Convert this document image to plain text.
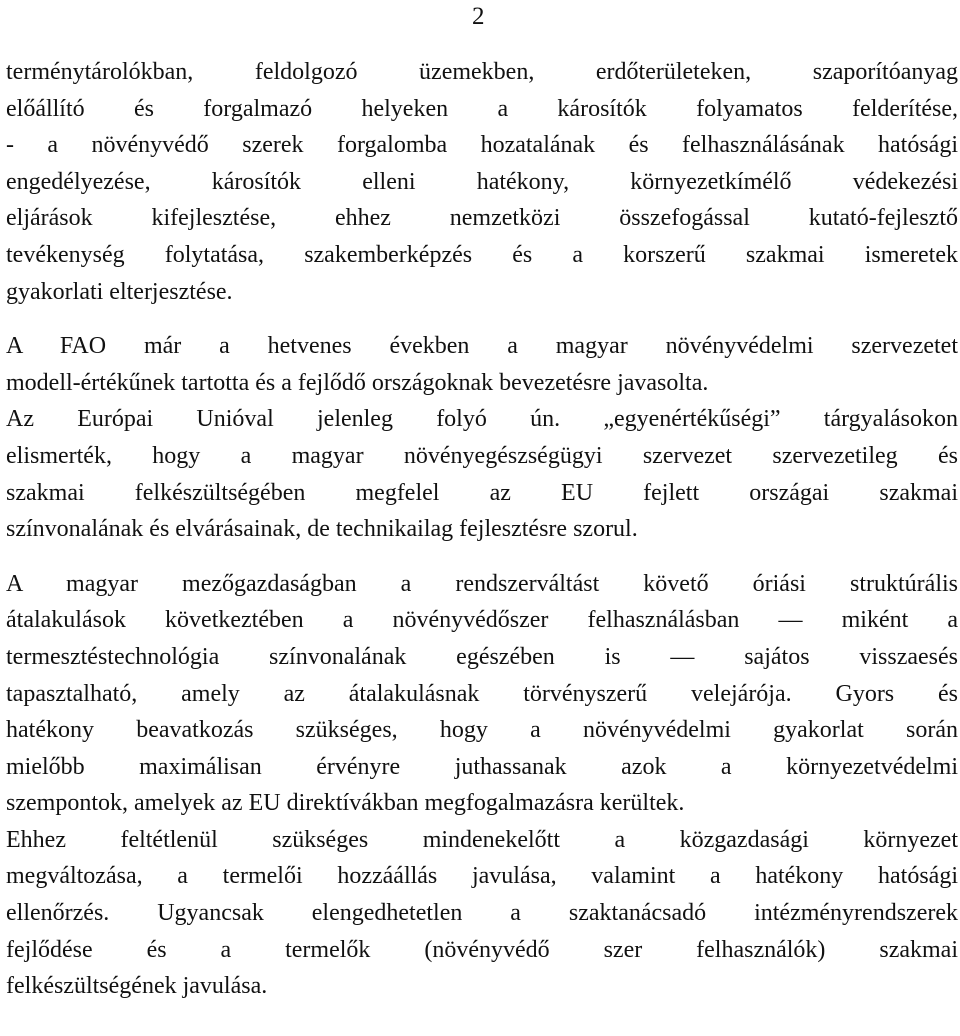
2
terménytárolókban, feldolgozó üzemekben, erdőterületeken, szaporítóanyag
előállító és forgalmazó helyeken a károsítók folyamatos felderítése,
- a növényvédő szerek forgalomba hozatalának és felhasználásának hatósági
engedélyezése, károsítók elleni hatékony, környezetkímélő védekezési
eljárások kifejlesztése, ehhez nemzetközi összefogással kutató-fejlesztő
tevékenység folytatása, szakemberképzés és a korszerű szakmai ismeretek
gyakorlati elterjesztése.
A FAO már a hetvenes években a magyar növényvédelmi szervezetet
modell-értékűnek tartotta és a fejlődő országoknak bevezetésre javasolta.
Az Európai Unióval jelenleg folyó ún. „egyenértékűségi” tárgyalásokon
elismerték, hogy a magyar növényegészségügyi szervezet szervezetileg és
szakmai felkészültségében megfelel az EU fejlett országai szakmai
színvonalának és elvárásainak, de technikailag fejlesztésre szorul.
A magyar mezőgazdaságban a rendszerváltást követő óriási struktúrális
átalakulások következtében a növényvédőszer felhasználásban — miként a
termesztéstechnológia színvonalának egészében is — sajátos visszaesés
tapasztalható, amely az átalakulásnak törvényszerű velejárója. Gyors és
hatékony beavatkozás szükséges, hogy a növényvédelmi gyakorlat során
mielőbb maximálisan érvényre juthassanak azok a környezetvédelmi
szempontok, amelyek az EU direktívákban megfogalmazásra kerültek.
Ehhez feltétlenül szükséges mindenekelőtt a közgazdasági környezet
megváltozása, a termelői hozzáállás javulása, valamint a hatékony hatósági
ellenőrzés. Ugyancsak elengedhetetlen a szaktanácsadó intézményrendszerek
fejlődése és a termelők (növényvédő szer felhasználók) szakmai
felkészültségének javulása.
